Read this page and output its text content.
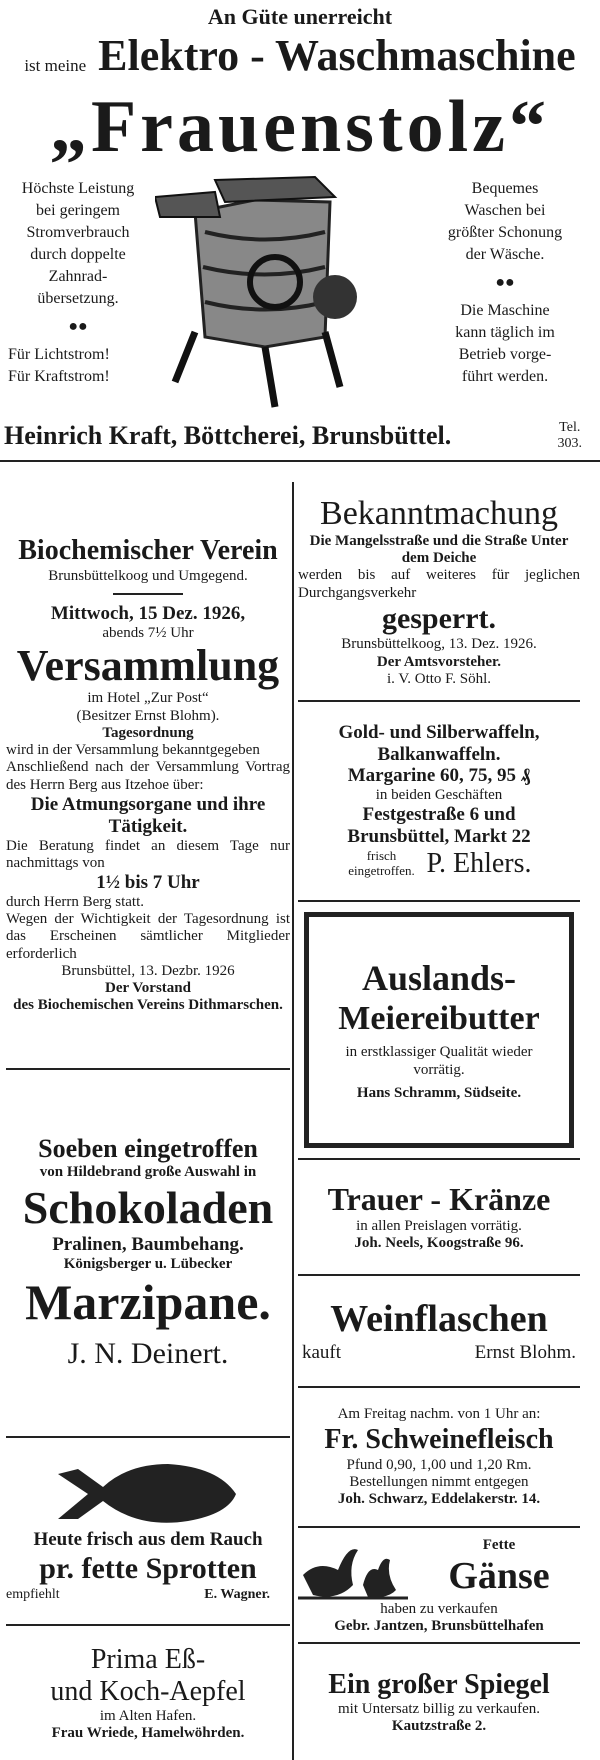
An Güte unerreicht
ist meine Elektro - Waschmaschine
„Frauenstolz“
Höchste Leistung
bei geringem
Stromverbrauch
durch doppelte
Zahnrad-
übersetzung.
●●
Für Lichtstrom!
Für Kraftstrom!
Bequemes
Waschen bei
größter Schonung
der Wäsche.
●●
Die Maschine
kann täglich im
Betrieb vorge-
führt werden.
Heinrich Kraft, Böttcherei, Brunsbüttel.	Tel.
303.
Biochemischer Verein
Brunsbüttelkoog und Umgegend.
Mittwoch, 15 Dez. 1926,
abends 7½ Uhr
Versammlung
im Hotel „Zur Post“
(Besitzer Ernst Blohm).
Tagesordnung
wird in der Versammlung bekanntgegeben
Anschließend nach der Versammlung Vortrag des Herrn Berg aus Itzehoe über:
Die Atmungsorgane und ihre Tätigkeit.
Die Beratung findet an diesem Tage nur nachmittags von
1½ bis 7 Uhr
durch Herrn Berg statt.
Wegen der Wichtigkeit der Tagesordnung ist das Erscheinen sämtlicher Mitglieder erforderlich
Brunsbüttel, 13. Dezbr. 1926
Der Vorstand
des Biochemischen Vereins Dithmarschen.
Soeben eingetroffen
von Hildebrand große Auswahl in
Schokoladen
Pralinen, Baumbehang.
Königsberger u. Lübecker
Marzipane.
J. N. Deinert.
Heute frisch aus dem Rauch
pr. fette Sprotten
empfiehlt	E. Wagner.
Prima Eß-
und Koch-Aepfel
im Alten Hafen.
Frau Wriede, Hamelwöhrden.
Bekanntmachung
Die Mangelsstraße und die Straße Unter dem Deiche
werden bis auf weiteres für jeglichen Durchgangsverkehr
gesperrt.
Brunsbüttelkoog, 13. Dez. 1926.
Der Amtsvorsteher.
i. V. Otto F. Söhl.
Gold- und Silberwaffeln,
Balkanwaffeln.
Margarine 60, 75, 95 ₰
in beiden Geschäften
Festgestraße 6 und
Brunsbüttel, Markt 22
frisch eingetroffen. P. Ehlers.
Auslands-
Meiereibutter
in erstklassiger Qualität wieder vorrätig.
Hans Schramm, Südseite.
Trauer - Kränze
in allen Preislagen vorrätig.
Joh. Neels, Koogstraße 96.
Weinflaschen
kauft	Ernst Blohm.
Am Freitag nachm. von 1 Uhr an:
Fr. Schweinefleisch
Pfund 0,90, 1,00 und 1,20 Rm.
Bestellungen nimmt entgegen
Joh. Schwarz, Eddelakerstr. 14.
Fette
Gänse
haben zu verkaufen
Gebr. Jantzen, Brunsbüttelhafen
Ein großer Spiegel
mit Untersatz billig zu verkaufen.
Kautzstraße 2.
